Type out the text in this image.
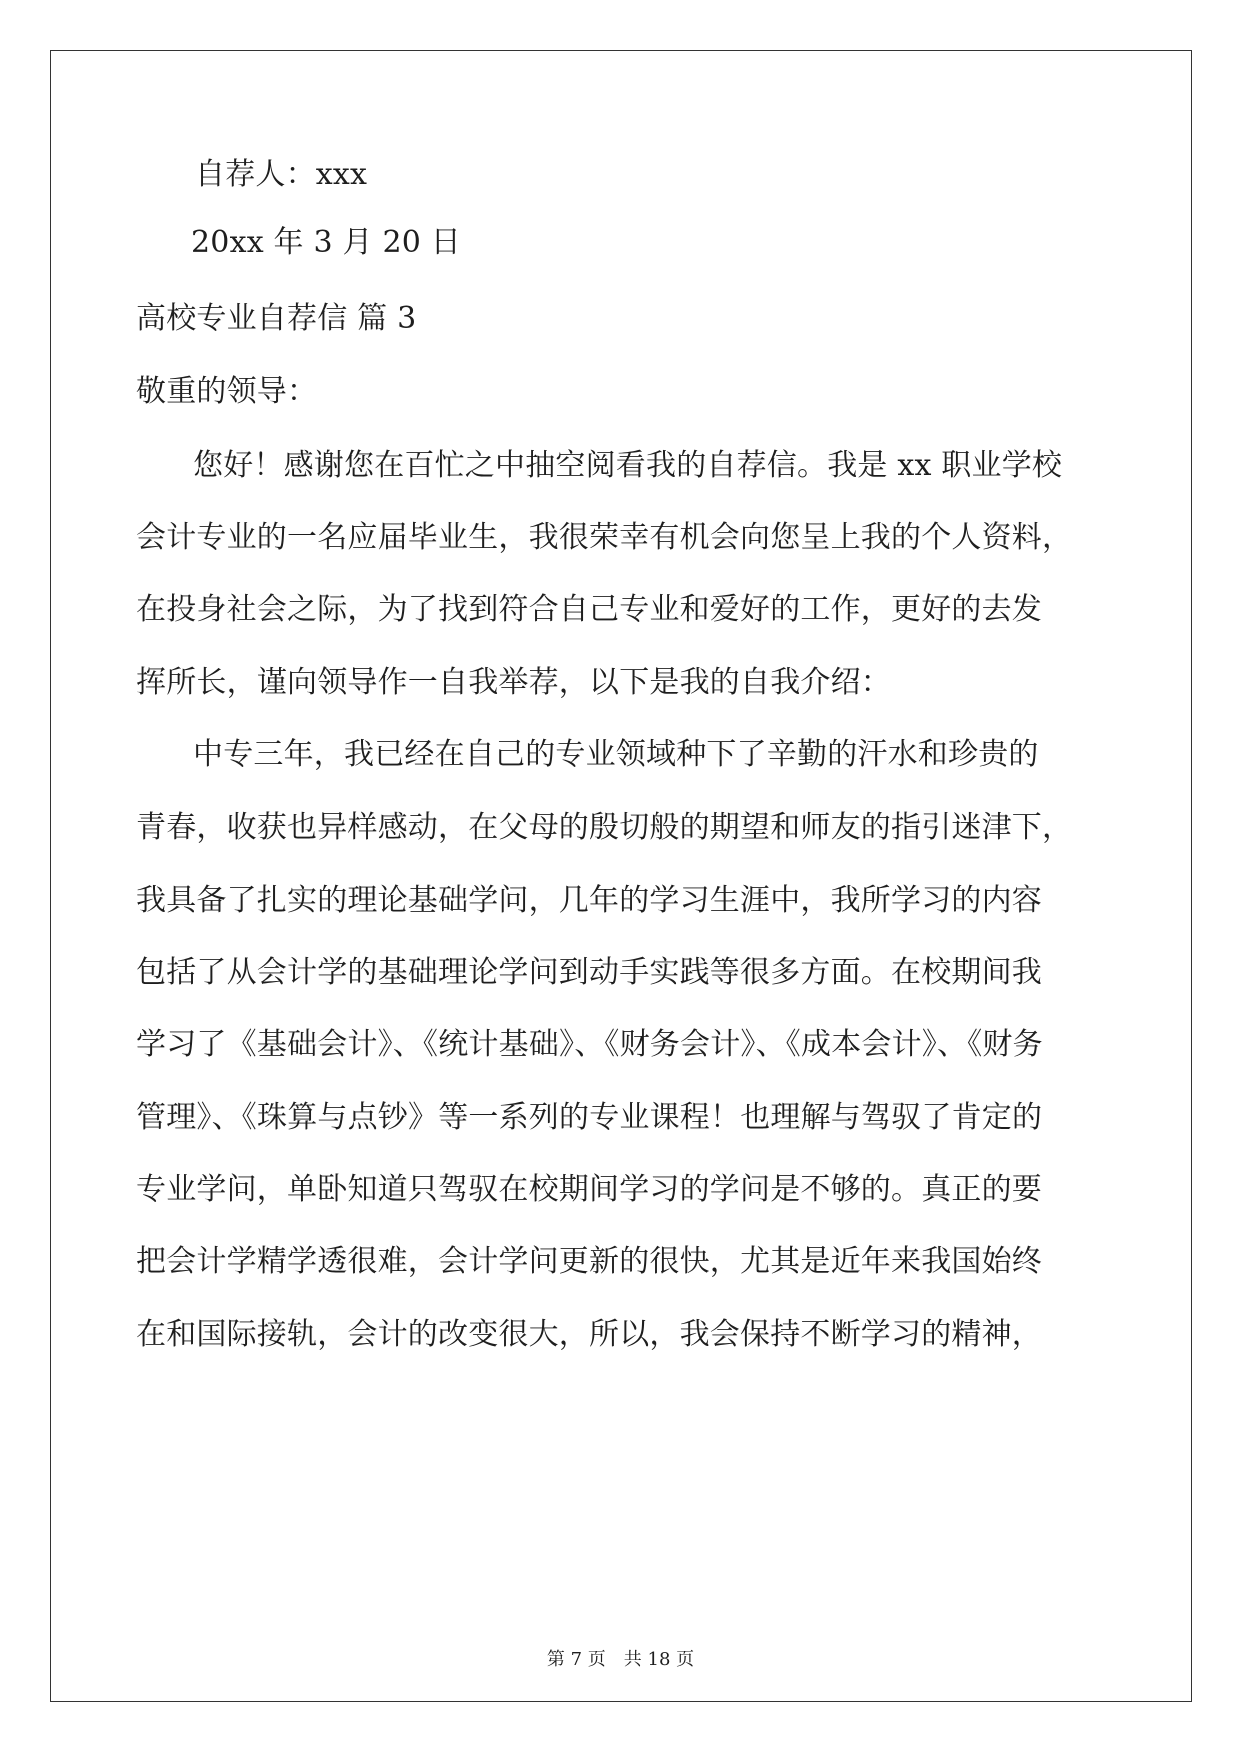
自荐人：xxx
20xx 年 3 月 20 日
高校专业自荐信 篇 3
敬重的领导：
您好！感谢您在百忙之中抽空阅看我的自荐信。我是 xx 职业学校
会计专业的一名应届毕业生，我很荣幸有机会向您呈上我的个人资料，
在投身社会之际，为了找到符合自己专业和爱好的工作，更好的去发
挥所长，谨向领导作一自我举荐，以下是我的自我介绍：
中专三年，我已经在自己的专业领域种下了辛勤的汗水和珍贵的
青春，收获也异样感动，在父母的殷切般的期望和师友的指引迷津下，
我具备了扎实的理论基础学问，几年的学习生涯中，我所学习的内容
包括了从会计学的基础理论学问到动手实践等很多方面。在校期间我
学习了《基础会计》、《统计基础》、《财务会计》、《成本会计》、《财务
管理》、《珠算与点钞》等一系列的专业课程！也理解与驾驭了肯定的
专业学问，单卧知道只驾驭在校期间学习的学问是不够的。真正的要
把会计学精学透很难，会计学问更新的很快，尤其是近年来我国始终
在和国际接轨，会计的改变很大，所以，我会保持不断学习的精神，
第 7 页　共 18 页
